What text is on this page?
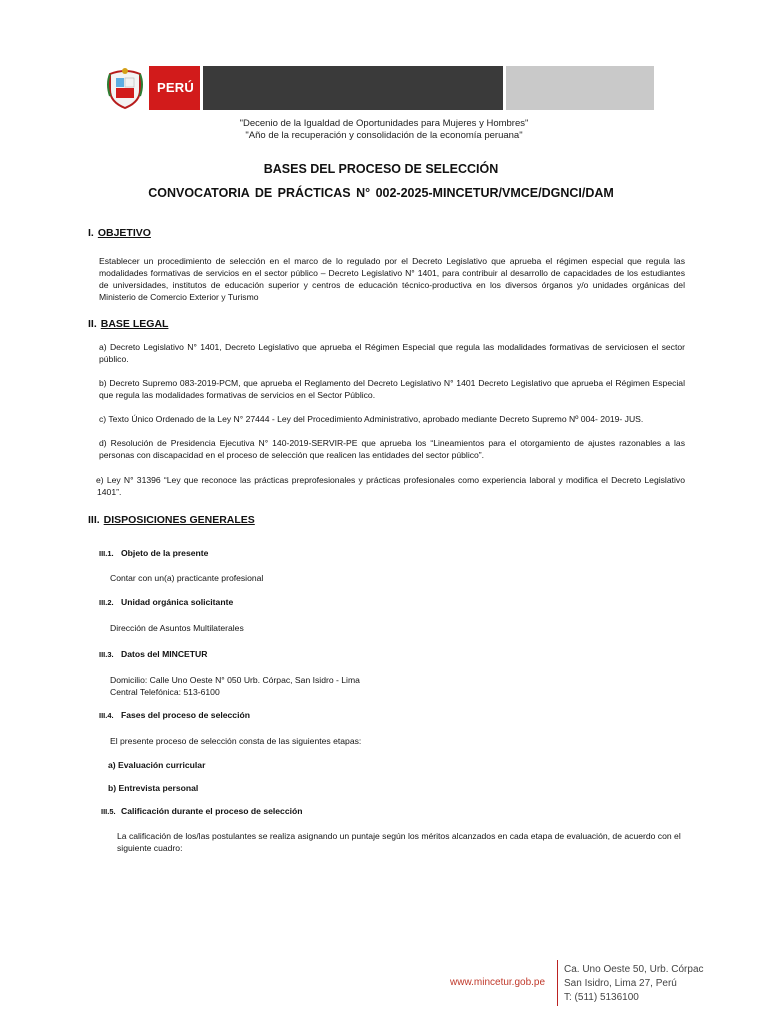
PERÚ
"Decenio de la Igualdad de Oportunidades para Mujeres y Hombres"
"Año de la recuperación y consolidación de la economía peruana"
BASES DEL PROCESO DE SELECCIÓN
CONVOCATORIA DE PRÁCTICAS N° 002-2025-MINCETUR/VMCE/DGNCI/DAM
I. OBJETIVO
Establecer un procedimiento de selección en el marco de lo regulado por el Decreto Legislativo que aprueba el régimen especial que regula las modalidades formativas de servicios en el sector público – Decreto Legislativo N° 1401, para contribuir al desarrollo de capacidades de los estudiantes de universidades, institutos de educación superior y centros de educación técnico-productiva en los diversos órganos y/o unidades orgánicas del Ministerio de Comercio Exterior y Turismo
II. BASE LEGAL
a) Decreto Legislativo N° 1401, Decreto Legislativo que aprueba el Régimen Especial que regula las modalidades formativas de serviciosen el sector público.
b) Decreto Supremo 083-2019-PCM, que aprueba el Reglamento del Decreto Legislativo N° 1401 Decreto Legislativo que aprueba el Régimen Especial que regula las modalidades formativas de servicios en el Sector Público.
c) Texto Único Ordenado de la Ley N° 27444 - Ley del Procedimiento Administrativo, aprobado mediante Decreto Supremo Nº 004- 2019- JUS.
d) Resolución de Presidencia Ejecutiva N° 140-2019-SERVIR-PE que aprueba los “Lineamientos para el otorgamiento de ajustes razonables a las personas con discapacidad en el proceso de selección que realicen las entidades del sector público”.
e) Ley N° 31396 “Ley que reconoce las prácticas preprofesionales y prácticas profesionales como experiencia laboral y modifica el Decreto Legislativo 1401”.
III. DISPOSICIONES GENERALES
III.1. Objeto de la presente
Contar con un(a) practicante profesional
III.2. Unidad orgánica solicitante
Dirección de Asuntos Multilaterales
III.3. Datos del MINCETUR
Domicilio: Calle Uno Oeste N° 050 Urb. Córpac, San Isidro - Lima
Central Telefónica: 513-6100
III.4. Fases del proceso de selección
El presente proceso de selección consta de las siguientes etapas:
a) Evaluación curricular
b) Entrevista personal
III.5. Calificación durante el proceso de selección
La calificación de los/las postulantes se realiza asignando un puntaje según los méritos alcanzados en cada etapa de evaluación, de acuerdo con el siguiente cuadro:
www.mincetur.gob.pe
Ca. Uno Oeste 50, Urb. Córpac
San Isidro, Lima 27, Perú
T: (511) 5136100
